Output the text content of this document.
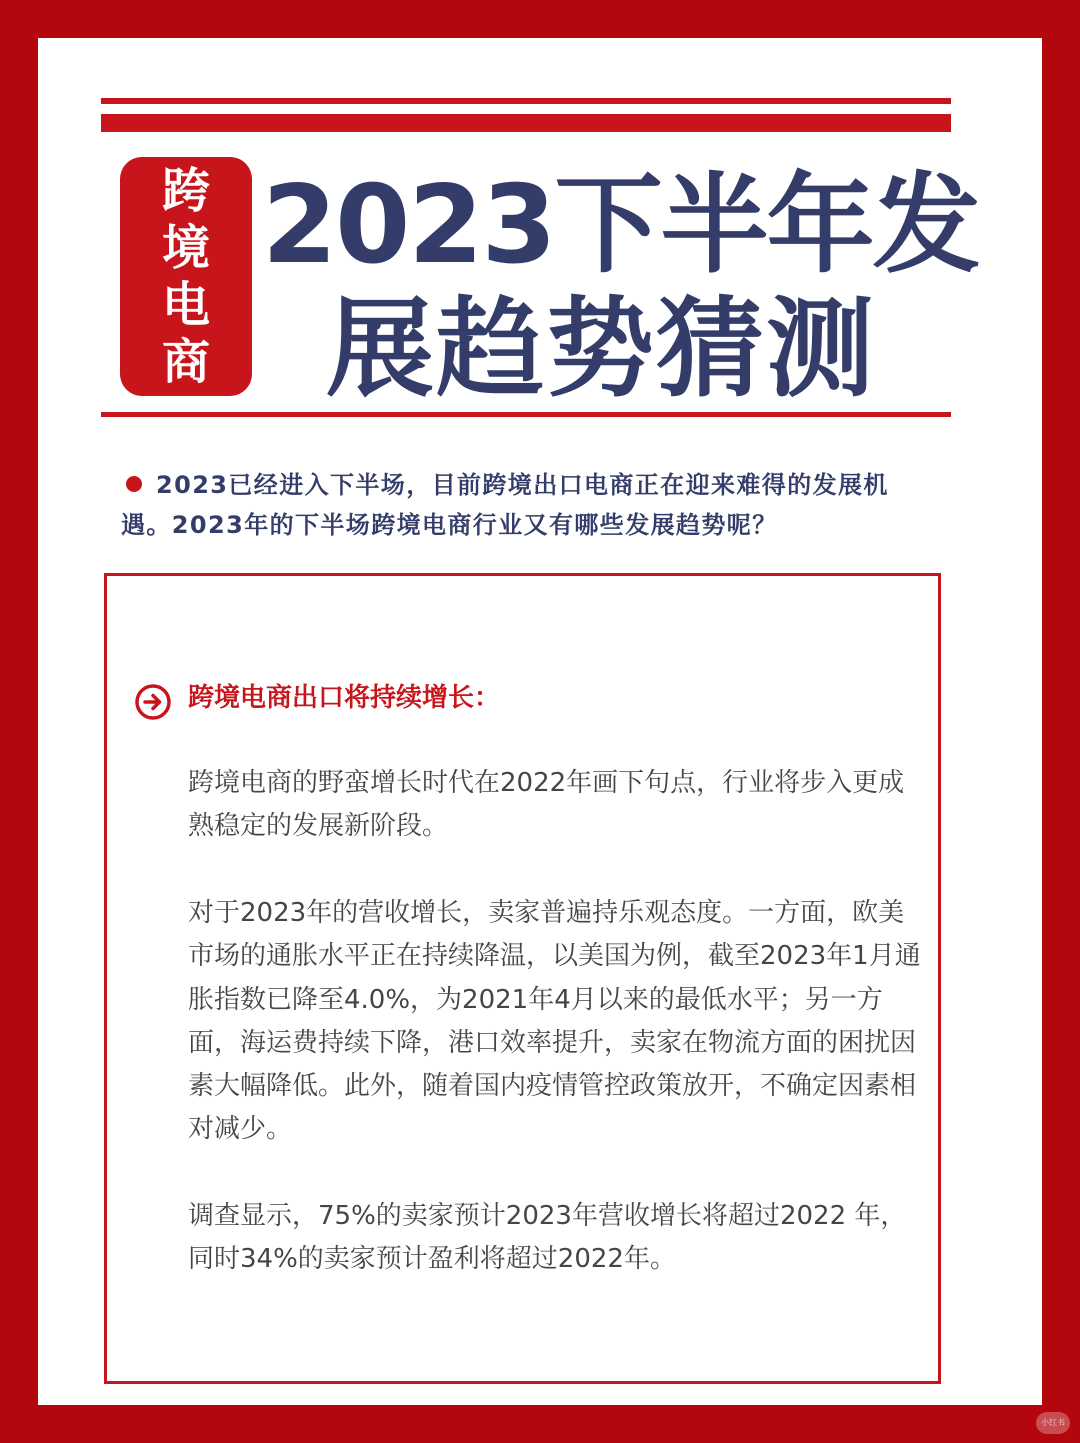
跨境电商
2023下半年发
展趋势猜测
2023已经进入下半场，目前跨境出口电商正在迎来难得的发展机遇。2023年的下半场跨境电商行业又有哪些发展趋势呢？
跨境电商出口将持续增长：
跨境电商的野蛮增长时代在2022年画下句点，行业将步入更成熟稳定的发展新阶段。
对于2023年的营收增长，卖家普遍持乐观态度。一方面，欧美市场的通胀水平正在持续降温，以美国为例，截至2023年1月通胀指数已降至4.0%，为2021年4月以来的最低水平；另一方面，海运费持续下降，港口效率提升，卖家在物流方面的困扰因素大幅降低。此外，随着国内疫情管控政策放开，不确定因素相对减少。
调查显示，75%的卖家预计2023年营收增长将超过2022 年，同时34%的卖家预计盈利将超过2022年。
小红书
